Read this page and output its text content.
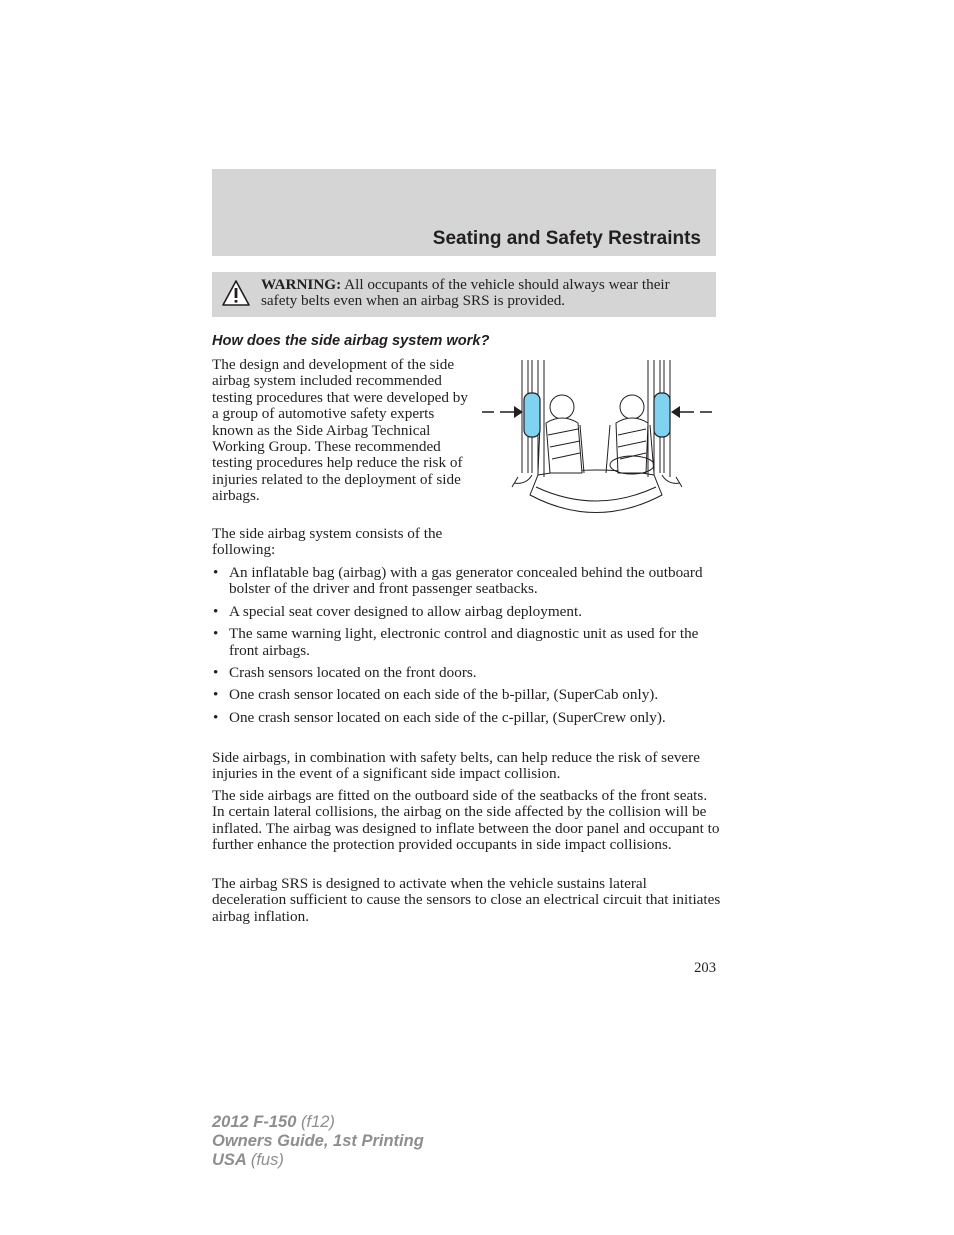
Seating and Safety Restraints

WARNING: All occupants of the vehicle should always wear their safety belts even when an airbag SRS is provided.

How does the side airbag system work?

The design and development of the side airbag system included recommended testing procedures that were developed by a group of automotive safety experts known as the Side Airbag Technical Working Group. These recommended testing procedures help reduce the risk of injuries related to the deployment of side airbags.

The side airbag system consists of the following:

• An inflatable bag (airbag) with a gas generator concealed behind the outboard bolster of the driver and front passenger seatbacks.
• A special seat cover designed to allow airbag deployment.
• The same warning light, electronic control and diagnostic unit as used for the front airbags.
• Crash sensors located on the front doors.
• One crash sensor located on each side of the b-pillar, (SuperCab only).
• One crash sensor located on each side of the c-pillar, (SuperCrew only).

Side airbags, in combination with safety belts, can help reduce the risk of severe injuries in the event of a significant side impact collision.

The side airbags are fitted on the outboard side of the seatbacks of the front seats. In certain lateral collisions, the airbag on the side affected by the collision will be inflated. The airbag was designed to inflate between the door panel and occupant to further enhance the protection provided occupants in side impact collisions.

The airbag SRS is designed to activate when the vehicle sustains lateral deceleration sufficient to cause the sensors to close an electrical circuit that initiates airbag inflation.

203

2012 F-150 (f12)
Owners Guide, 1st Printing
USA (fus)
